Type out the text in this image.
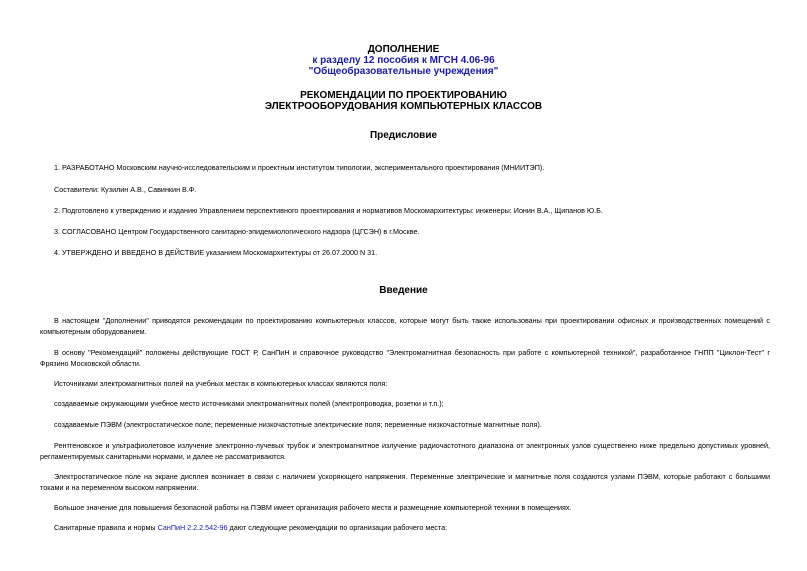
ДОПОЛНЕНИЕ
к разделу 12 пособия к МГСН 4.06-96
"Общеобразовательные учреждения"
РЕКОМЕНДАЦИИ ПО ПРОЕКТИРОВАНИЮ
ЭЛЕКТРООБОРУДОВАНИЯ КОМПЬЮТЕРНЫХ КЛАССОВ
Предисловие
1. РАЗРАБОТАНО Московским научно-исследовательским и проектным институтом типологии, экспериментального проектирования (МНИИТЭП).
Составители: Кузилин А.В., Савинкин В.Ф.
2. Подготовлено к утверждению и изданию Управлением перспективного проектирования и нормативов Москомархитектуры: инженеры: Ионин В.А., Щипанов Ю.Б.
3. СОГЛАСОВАНО Центром Государственного санитарно-эпидемиологического надзора (ЦГСЭН) в г.Москве.
4. УТВЕРЖДЕНО И ВВЕДЕНО В ДЕЙСТВИЕ указанием Москомархитектуры от 26.07.2000 N 31.
Введение
В настоящем "Дополнении" приводятся рекомендации по проектированию компьютерных классов, которые могут быть также использованы при проектировании офисных и производственных помещений с компьютерным оборудованием.
В основу "Рекомендаций" положены действующие ГОСТ Р, СанПиН и справочное руководство "Электромагнитная безопасность при работе с компьютерной техникой", разработанное ГНПП "Циклон-Тест" г Фрязино Московской области.
Источниками электромагнитных полей на учебных местах в компьютерных классах являются поля:
создаваемые окружающими учебное место источниками электромагнитных полей (электропроводка, розетки и т.п.);
создаваемые ПЭВМ (электростатическое поле; переменные низкочастотные электрические поля; переменные низкочастотные магнитные поля).
Рентгеновское и ультрафиолетовое излучение электронно-лучевых трубок и электромагнитное излучение радиочастотного диапазона от электронных узлов существенно ниже предельно допустимых уровней, регламентируемых санитарными нормами, и далее не рассматриваются.
Электростатическое поле на экране дисплея возникает в связи с наличием ускоряющего напряжения. Переменные электрические и магнитные поля создаются узлами ПЭВМ, которые работают с большими токами и на переменном высоком напряжении.
Большое значение для повышения безопасной работы на ПЭВМ имеет организация рабочего места и размещение компьютерной техники в помещениях.
Санитарные правила и нормы СанПиН 2.2.2.542-96 дают следующие рекомендации по организации рабочего места:
